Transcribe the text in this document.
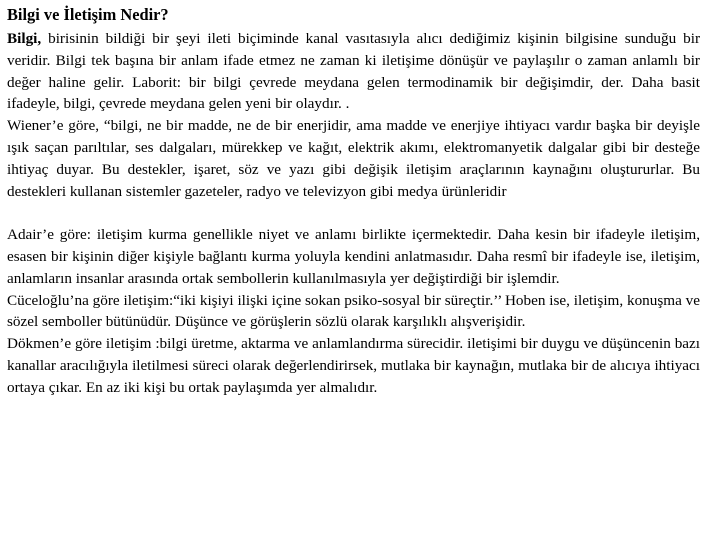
Bilgi ve İletişim Nedir?

Bilgi, birisinin bildiği bir şeyi ileti biçiminde kanal vasıtasıyla alıcı dediğimiz kişinin bilgisine sunduğu bir veridir. Bilgi tek başına bir anlam ifade etmez ne zaman ki iletişime dönüşür ve paylaşılır o zaman anlamlı bir değer haline gelir. Laborit: bir bilgi çevrede meydana gelen termodinamik bir değişimdir, der. Daha basit ifadeyle, bilgi, çevrede meydana gelen yeni bir olaydır. .

Wiener’e göre, “bilgi, ne bir madde, ne de bir enerjidir, ama madde ve enerjiye ihtiyacı vardır başka bir deyişle ışık saçan parıltılar, ses dalgaları, mürekkep ve kağıt, elektrik akımı, elektromanyetik dalgalar gibi bir desteğe ihtiyaç duyar. Bu destekler, işaret, söz ve yazı gibi değişik iletişim araçlarının kaynağını oluştururlar. Bu destekleri kullanan sistemler gazeteler, radyo ve televizyon gibi medya ürünleridir

Adair’e göre: iletişim kurma genellikle niyet ve anlamı birlikte içermektedir. Daha kesin bir ifadeyle iletişim, esasen bir kişinin diğer kişiyle bağlantı kurma yoluyla kendini anlatmasıdır. Daha resmî bir ifadeyle ise, iletişim, anlamların insanlar arasında ortak sembollerin kullanılmasıyla yer değiştirdiği bir işlemdir.

Cüceloğlu’na göre iletişim:“iki kişiyi ilişki içine sokan psiko-sosyal bir süreçtir.’’ Hoben ise, iletişim, konuşma ve sözel semboller bütünüdür. Düşünce ve görüşlerin sözlü olarak karşılıklı alışverişidir.

Dökmen’e göre iletişim :bilgi üretme, aktarma ve anlamlandırma sürecidir. iletişimi bir duygu ve düşüncenin bazı kanallar aracılığıyla iletilmesi süreci olarak değerlendirirsek, mutlaka bir kaynağın, mutlaka bir de alıcıya ihtiyacı ortaya çıkar. En az iki kişi bu ortak paylaşımda yer almalıdır.
